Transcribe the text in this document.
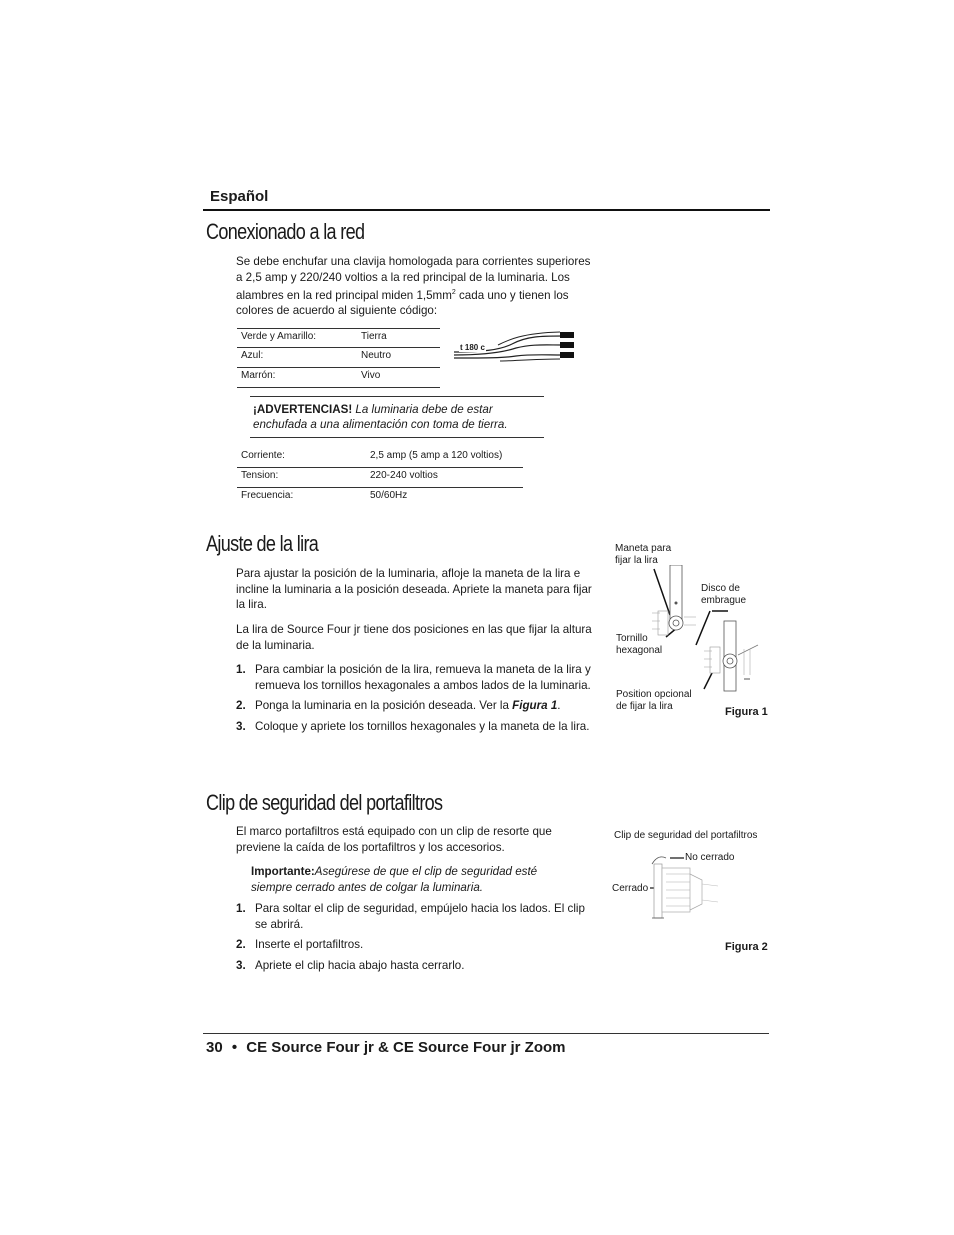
Español
Conexionado a la red
Se debe enchufar una clavija homologada para corrientes superiores a 2,5 amp y 220/240 voltios a la red principal de la luminaria. Los alambres en la red principal miden $1,5mm^2$ cada uno y tienen los colores de acuerdo al siguiente código:
Verde y Amarillo:	Tierra
Azul:	Neutro
Marrón:	Vivo
t 180 c
¡ADVERTENCIAS! La luminaria debe de estar enchufada a una alimentación con toma de tierra.
Corriente:	2,5 amp (5 amp a 120 voltios)
Tension:	220-240 voltios
Frecuencia:	50/60Hz
Ajuste de la lira
Para ajustar la posición de la luminaria, afloje la maneta de la lira e incline la luminaria a la posición deseada. Apriete la maneta para fijar la lira.
La lira de Source Four jr tiene dos posiciones en las que fijar la altura de la luminaria.
1. Para cambiar la posición de la lira, remueva la maneta de la lira y remueva los tornillos hexagonales a ambos lados de la luminaria.
2. Ponga la luminaria en la posición deseada. Ver la Figura 1.
3. Coloque y apriete los tornillos hexagonales y la maneta de la lira.
Maneta para fijar la lira
Disco de embrague
Tornillo hexagonal
Position opcional de fijar la lira	Figura 1
Clip de seguridad del portafiltros
El marco portafiltros está equipado con un clip de resorte que previene la caída de los portafiltros y los accesorios.
Importante:Asegúrese de que el clip de seguridad esté siempre cerrado antes de colgar la luminaria.
1. Para soltar el clip de seguridad, empújelo hacia los lados. El clip se abrirá.
2. Inserte el portafiltros.
3. Apriete el clip hacia abajo hasta cerrarlo.
Clip de seguridad del portafiltros
No cerrado
Cerrado
Figura 2
30 • CE Source Four jr & CE Source Four jr Zoom
